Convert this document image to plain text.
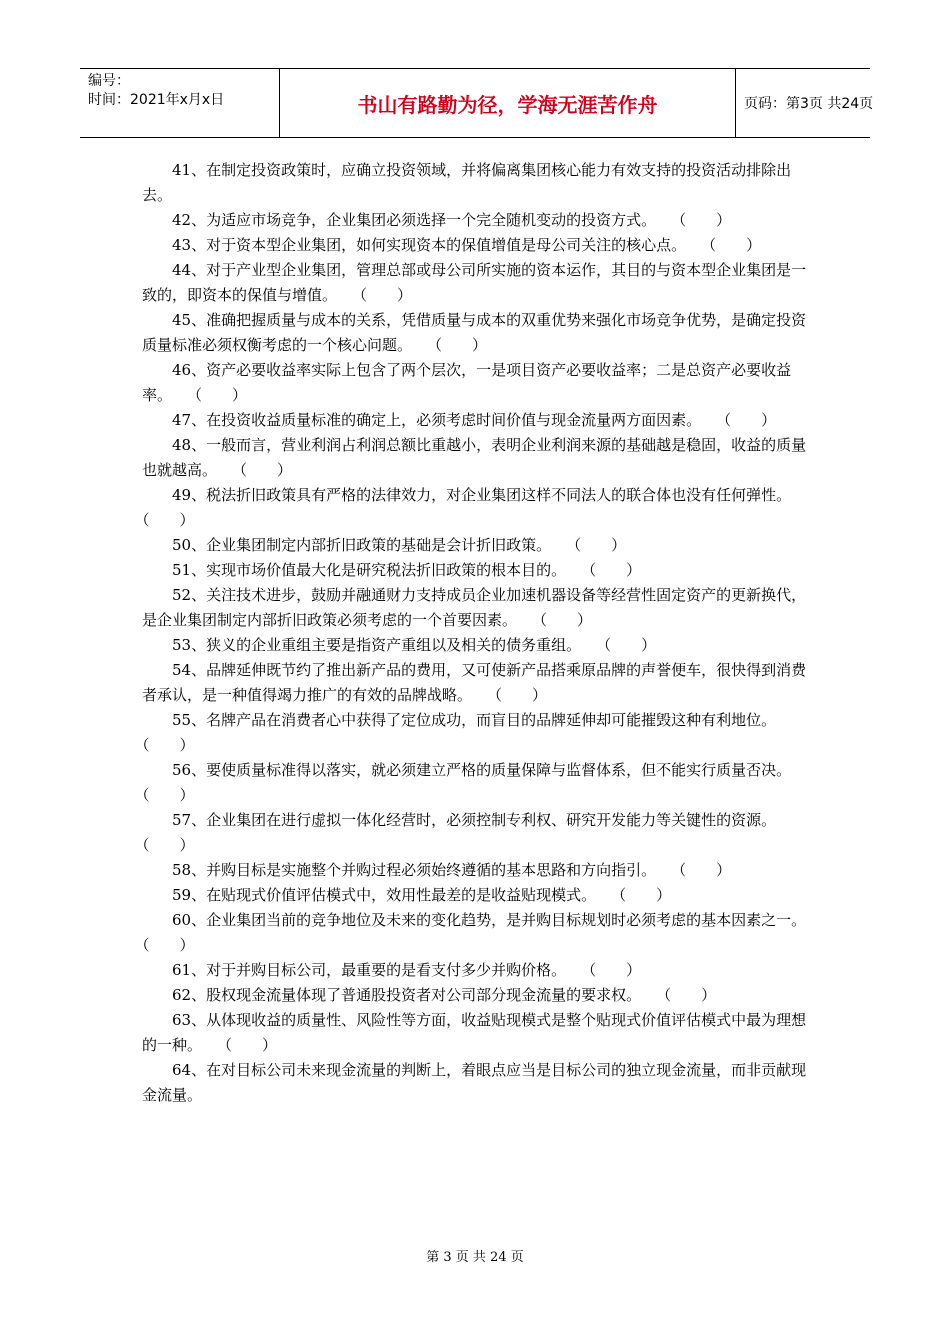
编号：
时间：2021年x月x日	书山有路勤为径，学海无涯苦作舟	页码：第3页 共24页

41、在制定投资政策时，应确立投资领域，并将偏离集团核心能力有效支持的投资活动排除出去。

42、为适应市场竞争，企业集团必须选择一个完全随机变动的投资方式。　　 （　　）

43、对于资本型企业集团，如何实现资本的保值增值是母公司关注的核心点。　　 （　　）

44、对于产业型企业集团，管理总部或母公司所实施的资本运作，其目的与资本型企业集团是一致的，即资本的保值与增值。　　 （　　）

45、准确把握质量与成本的关系，凭借质量与成本的双重优势来强化市场竞争优势，是确定投资质量标准必须权衡考虑的一个核心问题。　　 （　　）

46、资产必要收益率实际上包含了两个层次，一是项目资产必要收益率；二是总资产必要收益率。　　 （　　）

47、在投资收益质量标准的确定上，必须考虑时间价值与现金流量两方面因素。　　 （　　）

48、一般而言，营业利润占利润总额比重越小，表明企业利润来源的基础越是稳固，收益的质量也就越高。　　 （　　）

49、税法折旧政策具有严格的法律效力，对企业集团这样不同法人的联合体也没有任何弹性。　　（　　）

50、企业集团制定内部折旧政策的基础是会计折旧政策。　　 （　　）

51、实现市场价值最大化是研究税法折旧政策的根本目的。　　 （　　）

52、关注技术进步，鼓励并融通财力支持成员企业加速机器设备等经营性固定资产的更新换代，是企业集团制定内部折旧政策必须考虑的一个首要因素。　　 （　　）

53、狭义的企业重组主要是指资产重组以及相关的债务重组。　　 （　　）

54、品牌延伸既节约了推出新产品的费用，又可使新产品搭乘原品牌的声誉便车，很快得到消费者承认，是一种值得竭力推广的有效的品牌战略。　　 （　　）

55、名牌产品在消费者心中获得了定位成功，而盲目的品牌延伸却可能摧毁这种有利地位。　　（　　）

56、要使质量标准得以落实，就必须建立严格的质量保障与监督体系，但不能实行质量否决。　　（　　）

57、企业集团在进行虚拟一体化经营时，必须控制专利权、研究开发能力等关键性的资源。　　（　　）

58、并购目标是实施整个并购过程必须始终遵循的基本思路和方向指引。　　 （　　）

59、在贴现式价值评估模式中，效用性最差的是收益贴现模式。　　 （　　）

60、企业集团当前的竞争地位及未来的变化趋势，是并购目标规划时必须考虑的基本因素之一。　　（　　）

61、对于并购目标公司，最重要的是看支付多少并购价格。　　 （　　）

62、股权现金流量体现了普通股投资者对公司部分现金流量的要求权。　　 （　　）

63、从体现收益的质量性、风险性等方面，收益贴现模式是整个贴现式价值评估模式中最为理想的一种。　　 （　　）

64、在对目标公司未来现金流量的判断上，着眼点应当是目标公司的独立现金流量，而非贡献现金流量。

第 3 页 共 24 页
